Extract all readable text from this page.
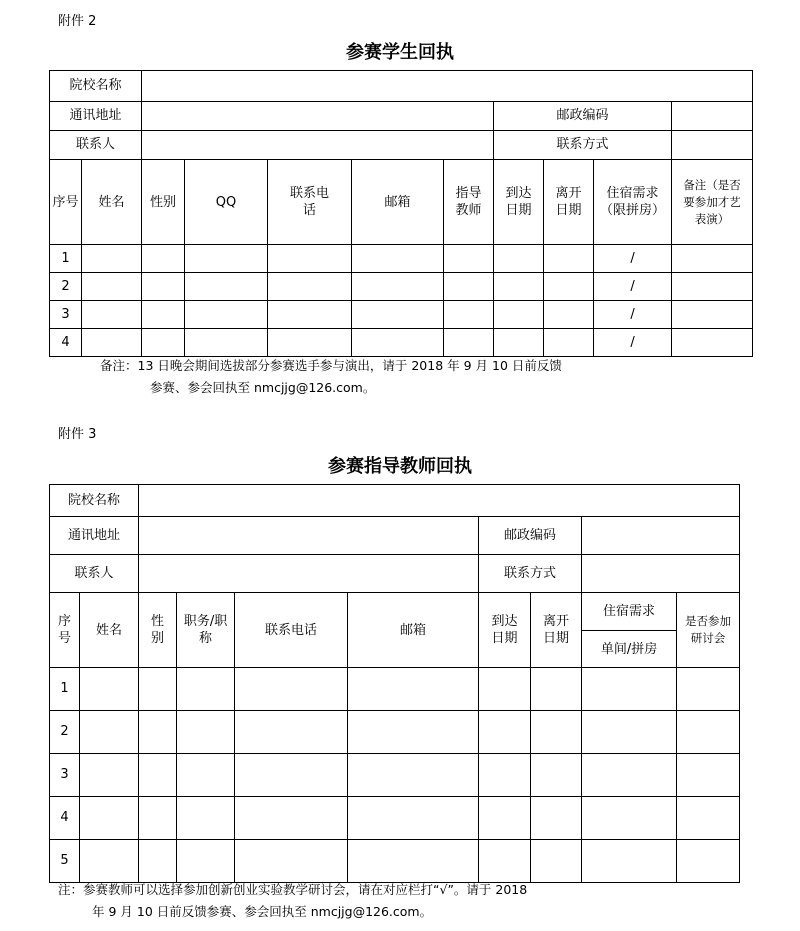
附件 2
参赛学生回执
院校名称										
通讯地址							邮政编码			
联系人							联系方式			
序号	姓名	性别	QQ	联系电话	邮箱	指导教师	到达日期	离开日期	住宿需求（限拼房）	备注（是否要参加才艺表演）
1									/	
2									/	
3									/	
4									/	
备注：13 日晚会期间选拔部分参赛选手参与演出，请于 2018 年 9 月 10 日前反馈
参赛、参会回执至 nmcjjg@126.com。
附件 3
参赛指导教师回执
院校名称									
通讯地址						邮政编码			
联系人						联系方式			
序号	姓名	性别	职务/职称	联系电话	邮箱	到达日期	离开日期	住宿需求	是否参加研讨会
								单间/拼房	
1									
2									
3									
4									
5									
注：参赛教师可以选择参加创新创业实验教学研讨会，请在对应栏打“√”。请于 2018
年 9 月 10 日前反馈参赛、参会回执至 nmcjjg@126.com。
